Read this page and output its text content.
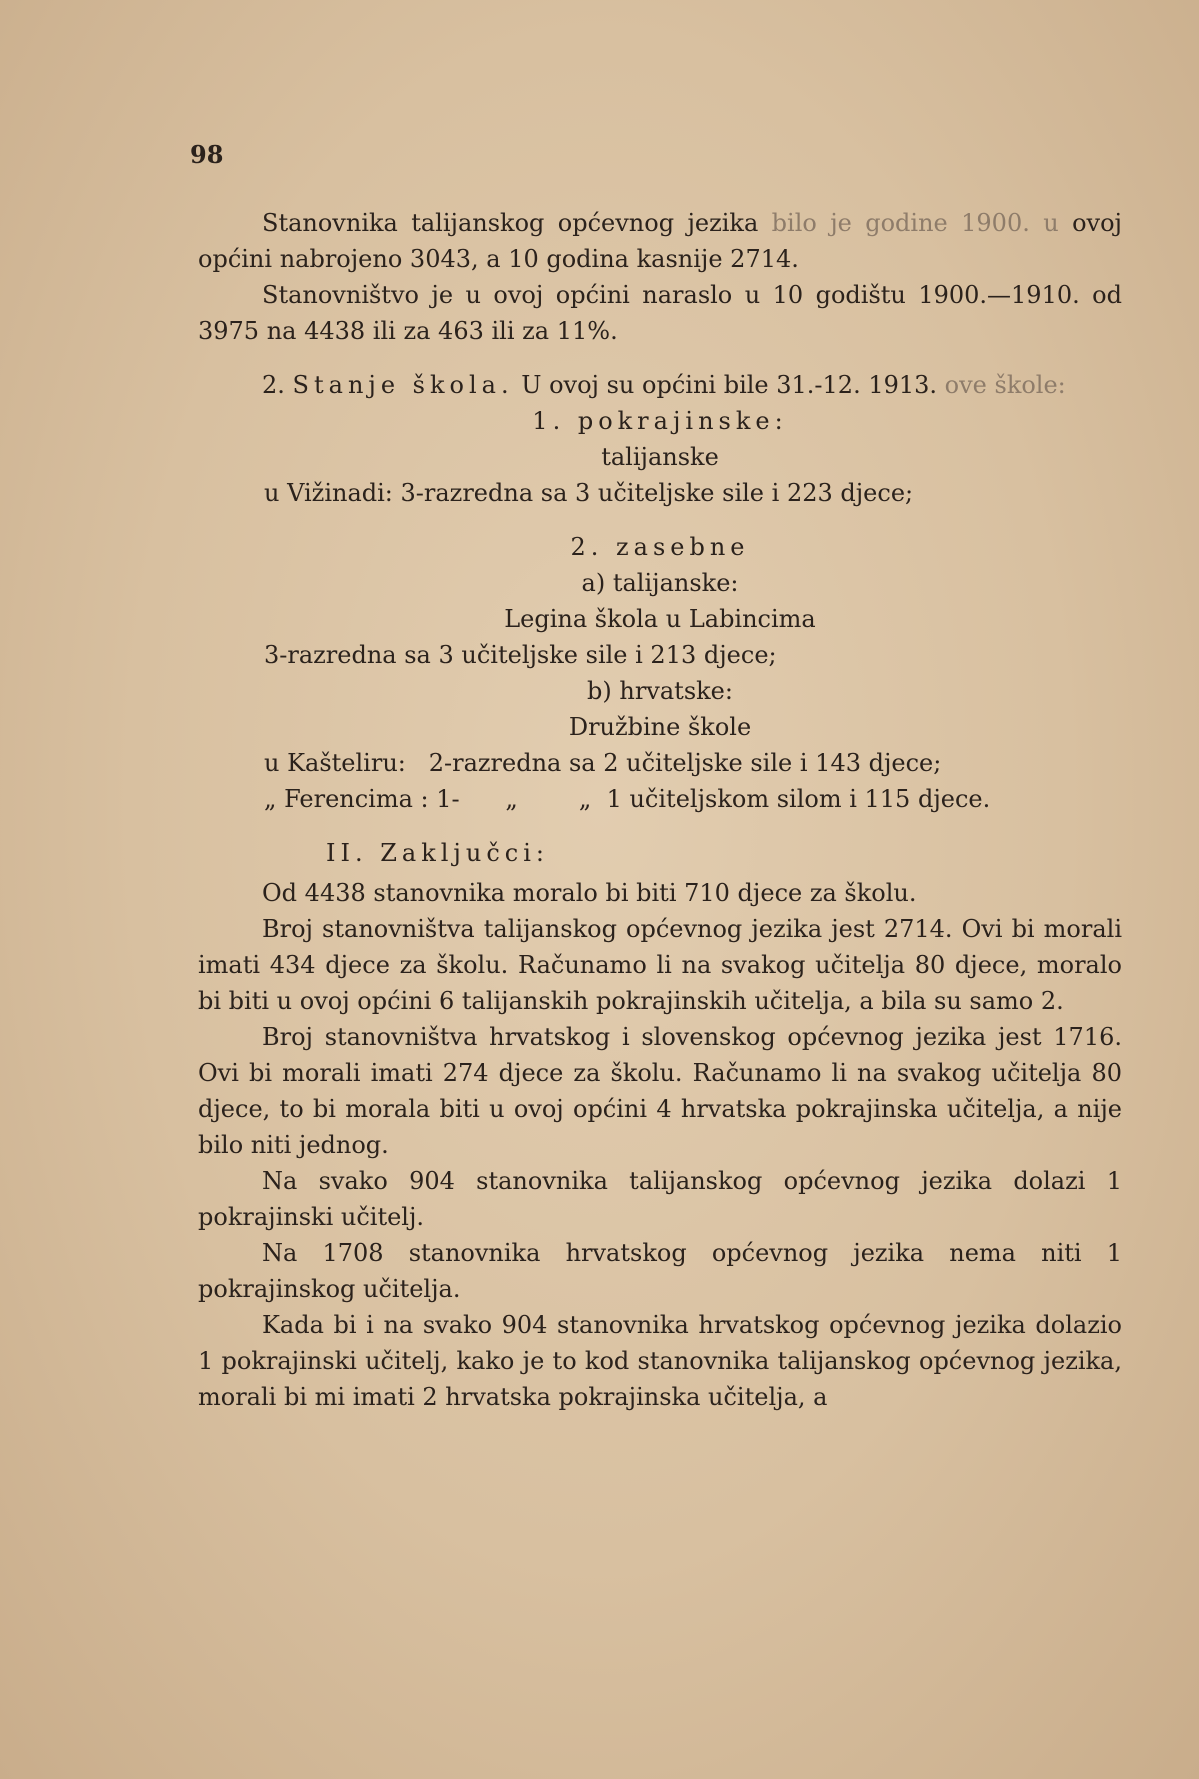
98

Stanovnika talijanskog općevnog jezika bilo je godine 1900. u ovoj općini nabrojeno 3043, a 10 godina kasnije 2714.

Stanovništvo je u ovoj općini naraslo u 10 godištu 1900.—1910. od 3975 na 4438 ili za 463 ili za 11%.

2. Stanje škola. U ovoj su općini bile 31.-12. 1913. ove škole:

1. pokrajinske:
talijanske
u Vižinadi: 3-razredna sa 3 učiteljske sile i 223 djece;
2. zasebne
a) talijanske:
Legina škola u Labincima
3-razredna sa 3 učiteljske sile i 213 djece;
b) hrvatske:
Družbine škole
u Kašteliru:   2-razredna sa 2 učiteljske sile i 143 djece;
„ Ferencima : 1-      „        „  1 učiteljskom silom i 115 djece.
II. Zaključci:

Od 4438 stanovnika moralo bi biti 710 djece za školu.

Broj stanovništva talijanskog općevnog jezika jest 2714. Ovi bi morali imati 434 djece za školu. Računamo li na svakog učitelja 80 djece, moralo bi biti u ovoj općini 6 talijanskih pokrajinskih učitelja, a bila su samo 2.

Broj stanovništva hrvatskog i slovenskog općevnog jezika jest 1716. Ovi bi morali imati 274 djece za školu. Računamo li na svakog učitelja 80 djece, to bi morala biti u ovoj općini 4 hrvatska pokrajinska učitelja, a nije bilo niti jednog.

Na svako 904 stanovnika talijanskog općevnog jezika dolazi 1 pokrajinski učitelj.

Na 1708 stanovnika hrvatskog općevnog jezika nema niti 1 pokrajinskog učitelja.

Kada bi i na svako 904 stanovnika hrvatskog općevnog jezika dolazio 1 pokrajinski učitelj, kako je to kod stanovnika talijanskog općevnog jezika, morali bi mi imati 2 hrvatska pokrajinska učitelja, a
